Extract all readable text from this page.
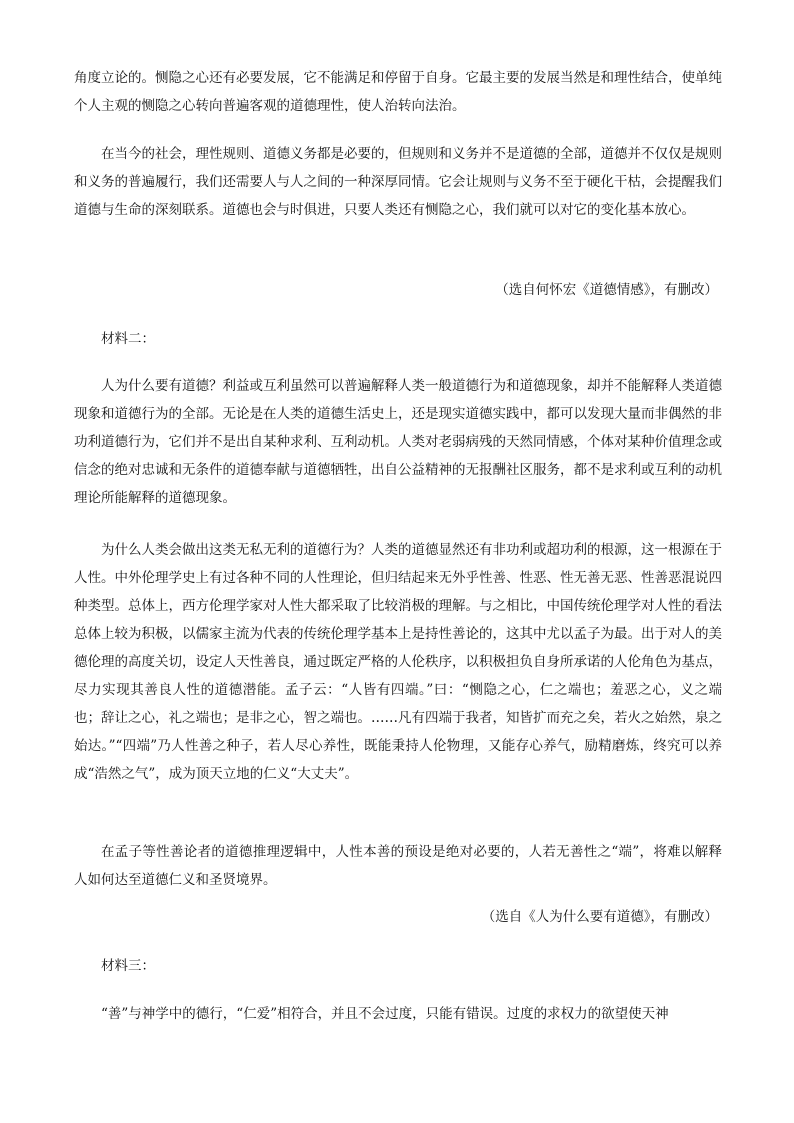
角度立论的。恻隐之心还有必要发展，它不能满足和停留于自身。它最主要的发展当然是和理性结合，使单纯个人主观的恻隐之心转向普遍客观的道德理性，使人治转向法治。

在当今的社会，理性规则、道德义务都是必要的，但规则和义务并不是道德的全部，道德并不仅仅是规则和义务的普遍履行，我们还需要人与人之间的一种深厚同情。它会让规则与义务不至于硬化干枯，会提醒我们道德与生命的深刻联系。道德也会与时俱进，只要人类还有恻隐之心，我们就可以对它的变化基本放心。

（选自何怀宏《道德情感》，有删改）

材料二：

人为什么要有道德？利益或互利虽然可以普遍解释人类一般道德行为和道德现象，却并不能解释人类道德现象和道德行为的全部。无论是在人类的道德生活史上，还是现实道德实践中，都可以发现大量而非偶然的非功利道德行为，它们并不是出自某种求利、互利动机。人类对老弱病残的天然同情感，个体对某种价值理念或信念的绝对忠诚和无条件的道德奉献与道德牺牲，出自公益精神的无报酬社区服务，都不是求利或互利的动机理论所能解释的道德现象。

为什么人类会做出这类无私无利的道德行为？人类的道德显然还有非功利或超功利的根源，这一根源在于人性。中外伦理学史上有过各种不同的人性理论，但归结起来无外乎性善、性恶、性无善无恶、性善恶混说四种类型。总体上，西方伦理学家对人性大都采取了比较消极的理解。与之相比，中国传统伦理学对人性的看法总体上较为积极，以儒家主流为代表的传统伦理学基本上是持性善论的，这其中尤以孟子为最。出于对人的美德伦理的高度关切，设定人天性善良，通过既定严格的人伦秩序，以积极担负自身所承诺的人伦角色为基点，尽力实现其善良人性的道德潜能。孟子云：“人皆有四端。”曰：“恻隐之心，仁之端也；羞恶之心，义之端也；辞让之心，礼之端也；是非之心，智之端也。……凡有四端于我者，知皆扩而充之矣，若火之始然，泉之始达。”“四端”乃人性善之种子，若人尽心养性，既能秉持人伦物理，又能存心养气，励精磨炼，终究可以养成“浩然之气”，成为顶天立地的仁义“大丈夫”。

在孟子等性善论者的道德推理逻辑中，人性本善的预设是绝对必要的，人若无善性之“端”，将难以解释人如何达至道德仁义和圣贤境界。

（选自《人为什么要有道德》，有删改）

材料三：

“善”与神学中的德行，“仁爱”相符合，并且不会过度，只能有错误。过度的求权力的欲望使天神
